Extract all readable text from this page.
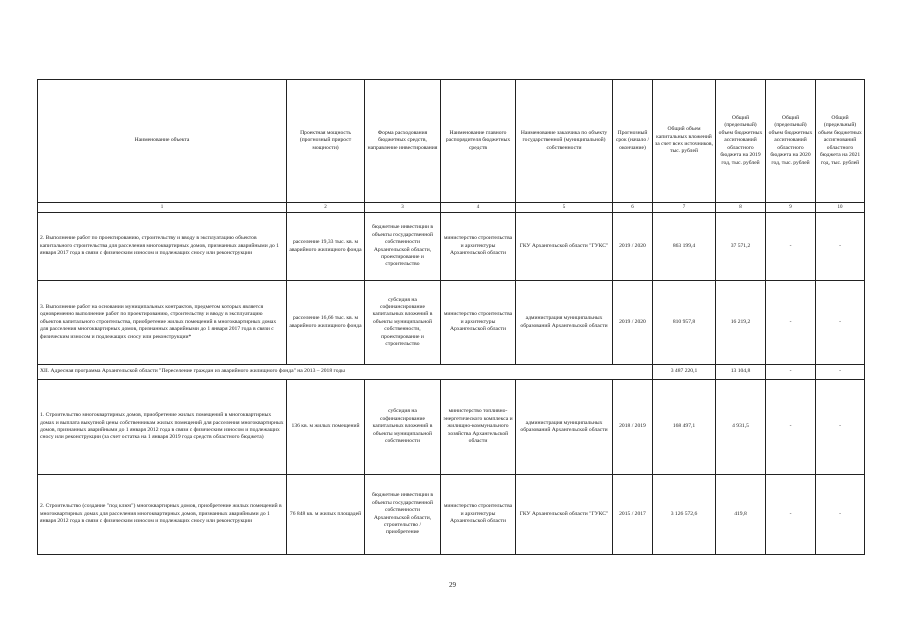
Наименование объекта	Проектная мощность (прогнозный прирост мощности)	Форма расходования бюджетных средств, направление инвестирования	Наименование главного распорядителя бюджетных средств	Наименование заказчика по объекту государственной (муниципальной) собственности	Прогнозный срок (начало / окончание)	Общий объем капитальных вложений за счет всех источников, тыс. рублей	Общий (предельный) объем бюджетных ассигнований областного бюджета на 2019 год, тыс. рублей	Общий (предельный) объем бюджетных ассигнований областного бюджета на 2020 год, тыс. рублей	Общий (предельный) объем бюджетных ассигнований областного бюджета на 2021 год, тыс. рублей
1	2	3	4	5	6	7	8	9	10
2. Выполнение работ по проектированию, строительству и вводу в эксплуатацию объектов капитального строительства для расселения многоквартирных домов, признанных аварийными до 1 января 2017 года в связи с физическим износом и подлежащих сносу или реконструкции	расселение 19,33 тыс. кв. м аварийного жилищного фонда	бюджетные инвестиции в объекты государственной собственности Архангельской области, проектирование и строительство	министерство строительства и архитектуры Архангельской области	ГКУ Архангельской области "ГУКС"	2019 / 2020	863 199,4	37 571,2	-	-
3. Выполнение работ на основании муниципальных контрактов, предметом которых является одновременно выполнение работ по проектированию, строительству и вводу в эксплуатацию объектов капитального строительства, приобретение жилых помещений в многоквартирных домах для расселения многоквартирных домов, признанных аварийными до 1 января 2017 года в связи с физическим износом и подлежащих сносу или реконструкции*	расселение 16,66 тыс. кв. м аварийного жилищного фонда	субсидия на софинансирование капитальных вложений в объекты муниципальной собственности, проектирование и строительство	министерство строительства и архитектуры Архангельской области	администрация муниципальных образований Архангельской области	2019 / 2020	810 957,8	16 219,2	-	-
XII. Адресная программа Архангельской области "Переселение граждан из аварийного жилищного фонда" на 2013 – 2018 годы						3 487 220,1	13 104,8	-	-
1. Строительство многоквартирных домов, приобретение жилых помещений в многоквартирных домах и выплата выкупной цены собственникам жилых помещений для расселения многоквартирных домов, признанных аварийными до 1 января 2012 года в связи с физическим износом и подлежащих сносу или реконструкции (за счет остатка на 1 января 2019 года средств областного бюджета)	136 кв. м жилых помещений	субсидия на софинансирование капитальных вложений в объекты муниципальной собственности	министерство топливно-энергетического комплекса и жилищно-коммунального хозяйства Архангельской области	администрация муниципальных образований Архангельской области	2018 / 2019	168 497,1	4 931,5	-	-
2. Строительство (создание "под ключ") многоквартирных домов, приобретение жилых помещений в многоквартирных домах для расселения многоквартирных домов, признанных аварийными до 1 января 2012 года в связи с физическим износом и подлежащих сносу или реконструкции	76 848 кв. м жилых площадей	бюджетные инвестиции в объекты государственной собственности Архангельской области, строительство / приобретение	министерство строительства и архитектуры Архангельской области	ГКУ Архангельской области "ГУКС"	2015 / 2017	3 126 572,6	419,8	-	-
29
